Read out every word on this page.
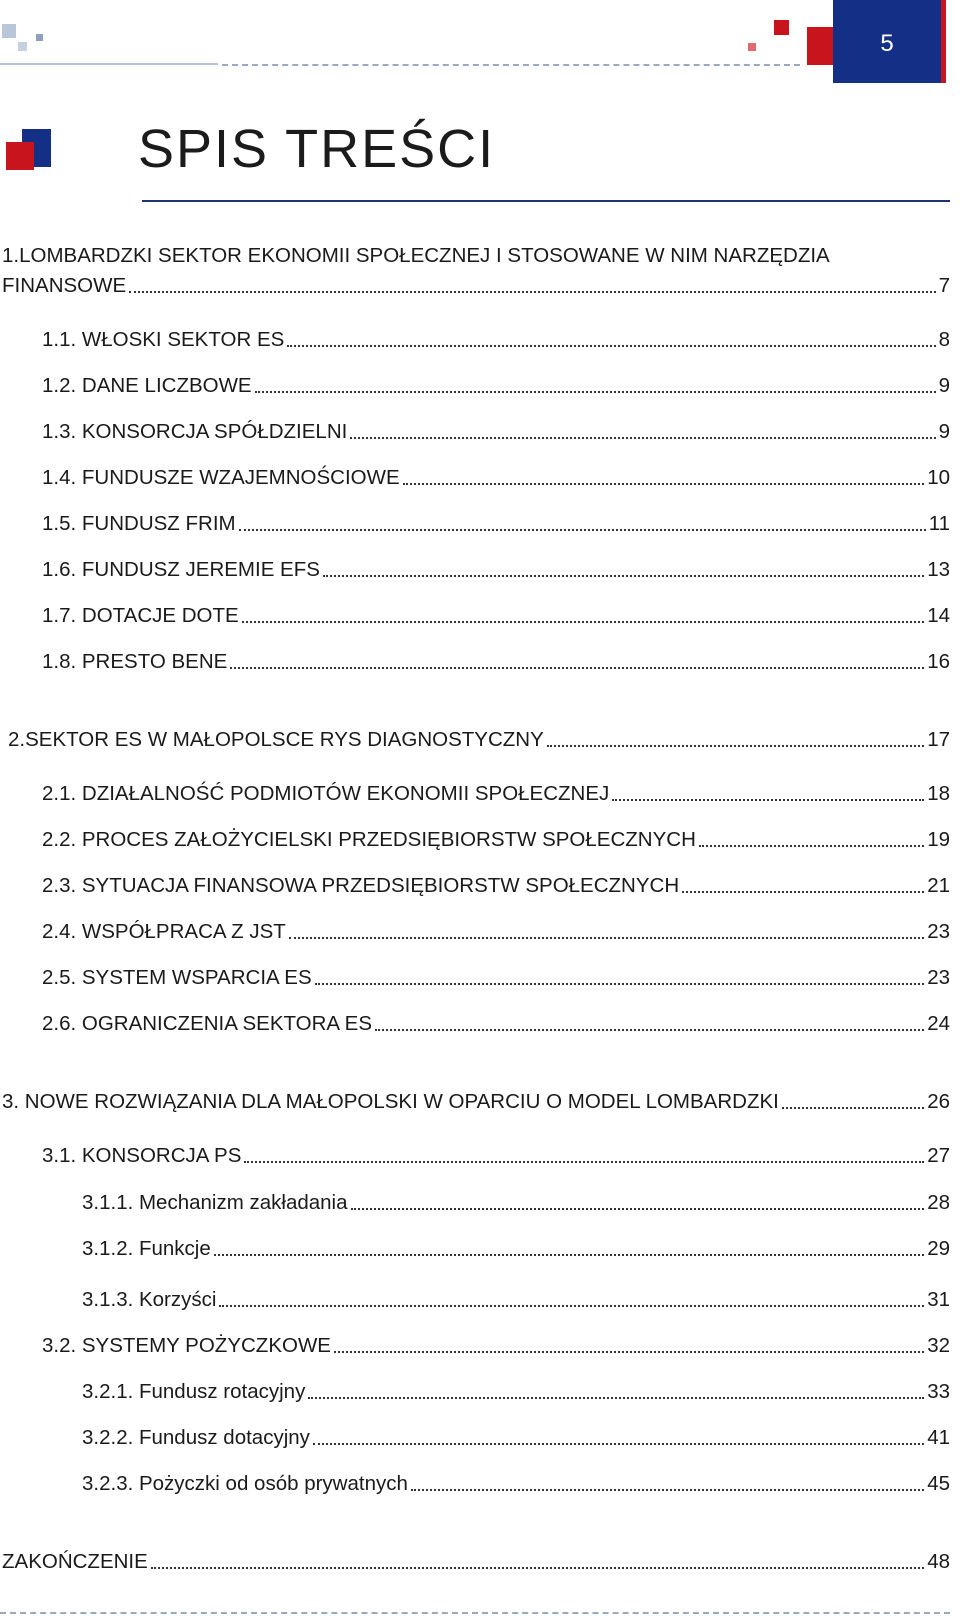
5
SPIS TREŚCI
1.LOMBARDZKI SEKTOR EKONOMII SPOŁECZNEJ I STOSOWANE W NIM NARZĘDZIA
FINANSOWE	7
1.1. WŁOSKI SEKTOR ES	8
1.2. DANE LICZBOWE	9
1.3. KONSORCJA SPÓŁDZIELNI	9
1.4. FUNDUSZE WZAJEMNOŚCIOWE	10
1.5. FUNDUSZ FRIM	11
1.6. FUNDUSZ JEREMIE EFS	13
1.7. DOTACJE DOTE	14
1.8. PRESTO BENE	16
2.SEKTOR ES W MAŁOPOLSCE RYS DIAGNOSTYCZNY	17
2.1. DZIAŁALNOŚĆ PODMIOTÓW EKONOMII SPOŁECZNEJ	18
2.2. PROCES ZAŁOŻYCIELSKI PRZEDSIĘBIORSTW SPOŁECZNYCH	19
2.3. SYTUACJA FINANSOWA PRZEDSIĘBIORSTW SPOŁECZNYCH	21
2.4. WSPÓŁPRACA Z JST	23
2.5. SYSTEM WSPARCIA ES	23
2.6. OGRANICZENIA SEKTORA ES	24
3. NOWE ROZWIĄZANIA DLA MAŁOPOLSKI W OPARCIU O MODEL LOMBARDZKI	26
3.1. KONSORCJA PS	27
3.1.1. Mechanizm zakładania	28
3.1.2. Funkcje	29
3.1.3. Korzyści	31
3.2. SYSTEMY POŻYCZKOWE	32
3.2.1. Fundusz rotacyjny	33
3.2.2. Fundusz dotacyjny	41
3.2.3. Pożyczki od osób prywatnych	45
ZAKOŃCZENIE	48
